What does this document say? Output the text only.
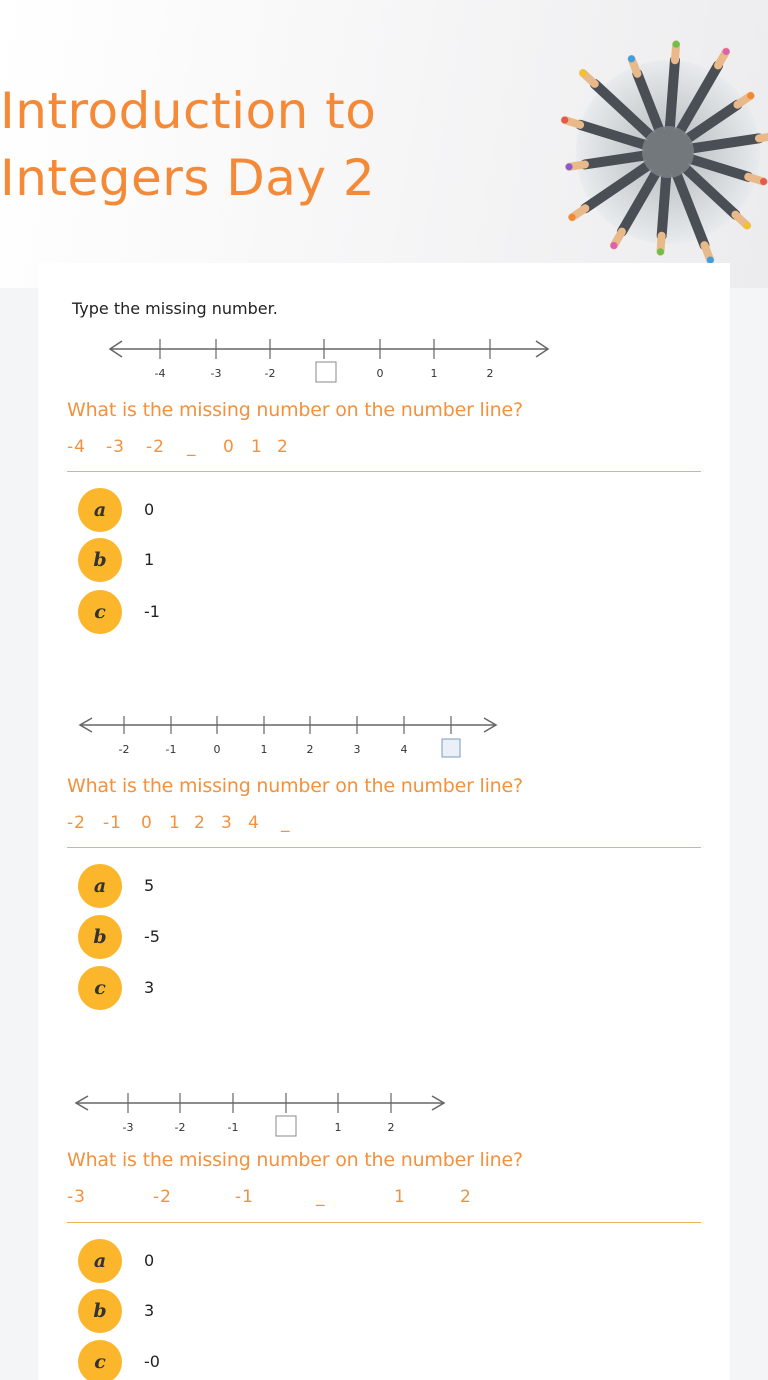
Introduction to
Integers Day 2
Type the missing number.
-4	-3	-2	0	1	2
What is the missing number on the number line?
-4 -3 -2 _ 0 1 2
a	0
b	1
c	-1
-2	-1	0	1	2	3	4
What is the missing number on the number line?
-2 -1 0 1 2 3 4 _
a	5
b	-5
c	3
-3	-2	-1	1	2
What is the missing number on the number line?
-3	-2	-1	_	1	2
a	0
b	3
c	-0
